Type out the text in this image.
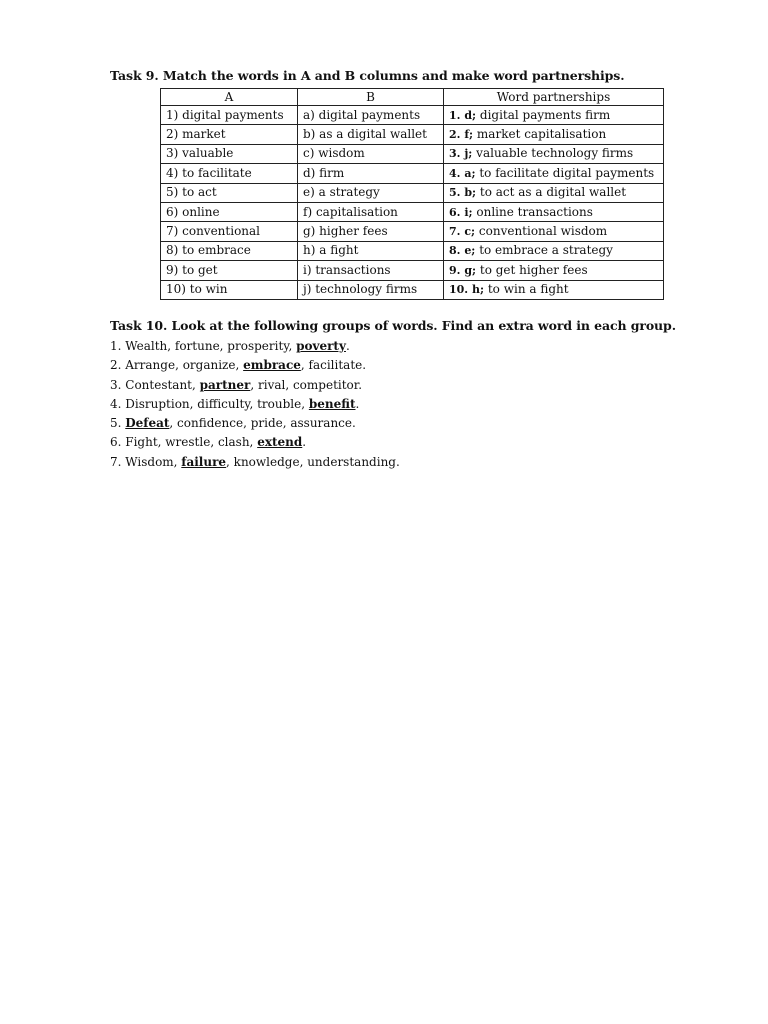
Task 9. Match the words in A and B columns and make word partnerships.
A	B	Word partnerships
1) digital payments	a) digital payments	1. d; digital payments firm
2) market	b) as a digital wallet	2. f; market capitalisation
3) valuable	c) wisdom	3. j; valuable technology firms
4) to facilitate	d) firm	4. a; to facilitate digital payments
5) to act	e) a strategy	5. b; to act as a digital wallet
6) online	f) capitalisation	6. i; online transactions
7) conventional	g) higher fees	7. c; conventional wisdom
8) to embrace	h) a fight	8. e; to embrace a strategy
9) to get	i) transactions	9. g; to get higher fees
10) to win	j) technology firms	10. h; to win a fight
Task 10. Look at the following groups of words. Find an extra word in each group.
1. Wealth, fortune, prosperity, poverty.
2. Arrange, organize, embrace, facilitate.
3. Contestant, partner, rival, competitor.
4. Disruption, difficulty, trouble, benefit.
5. Defeat, confidence, pride, assurance.
6. Fight, wrestle, clash, extend.
7. Wisdom, failure, knowledge, understanding.
